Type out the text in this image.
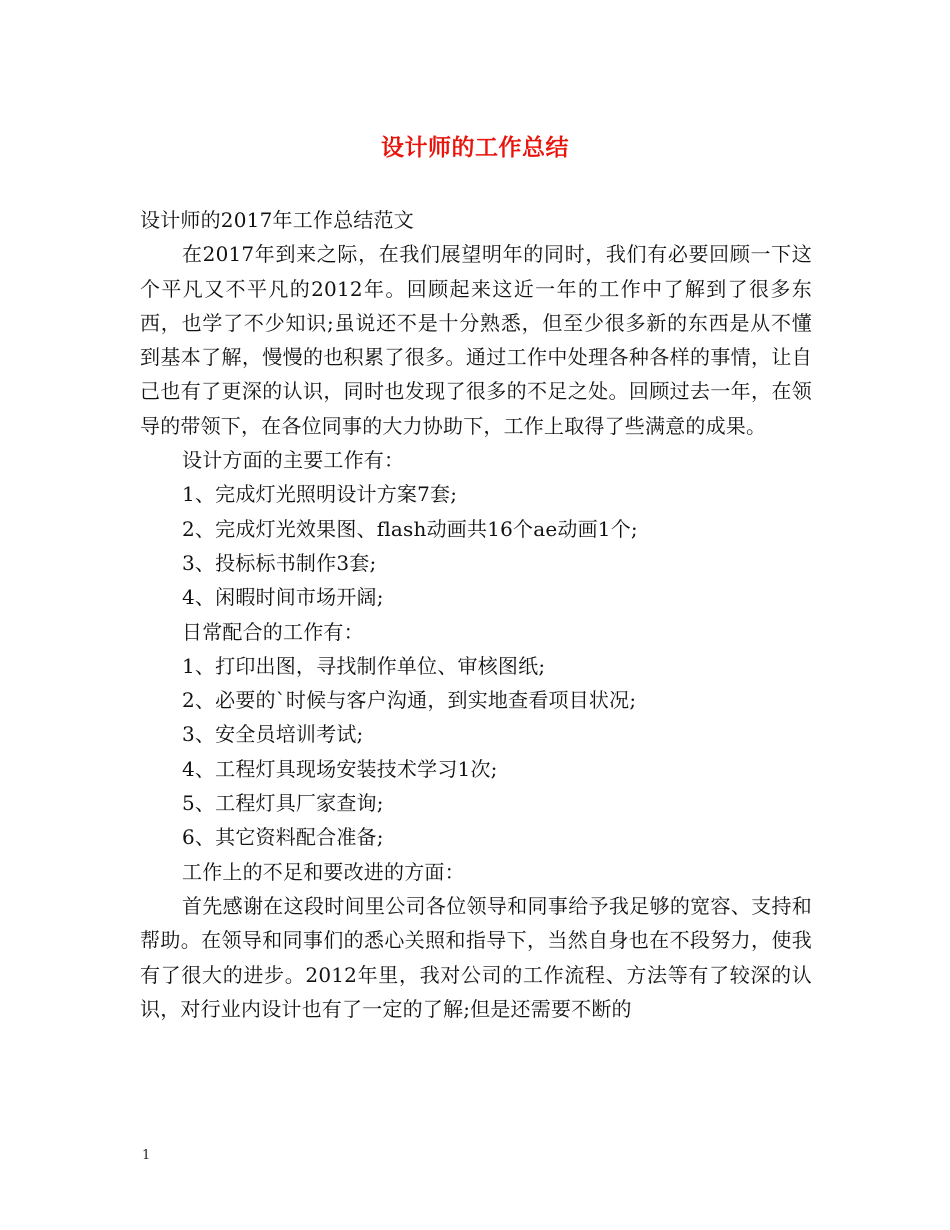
设计师的工作总结

设计师的2017年工作总结范文

在2017年到来之际，在我们展望明年的同时，我们有必要回顾一下这个平凡又不平凡的2012年。回顾起来这近一年的工作中了解到了很多东西，也学了不少知识;虽说还不是十分熟悉，但至少很多新的东西是从不懂到基本了解，慢慢的也积累了很多。通过工作中处理各种各样的事情，让自己也有了更深的认识，同时也发现了很多的不足之处。回顾过去一年，在领导的带领下，在各位同事的大力协助下，工作上取得了些满意的成果。

设计方面的主要工作有：

1、完成灯光照明设计方案7套;

2、完成灯光效果图、flash动画共16个ae动画1个;

3、投标标书制作3套;

4、闲暇时间市场开阔;

日常配合的工作有：

1、打印出图，寻找制作单位、审核图纸;

2、必要的`时候与客户沟通，到实地查看项目状况;

3、安全员培训考试;

4、工程灯具现场安装技术学习1次;

5、工程灯具厂家查询;

6、其它资料配合准备;

工作上的不足和要改进的方面：

首先感谢在这段时间里公司各位领导和同事给予我足够的宽容、支持和帮助。在领导和同事们的悉心关照和指导下，当然自身也在不段努力，使我有了很大的进步。2012年里，我对公司的工作流程、方法等有了较深的认识，对行业内设计也有了一定的了解;但是还需要不断的

1
